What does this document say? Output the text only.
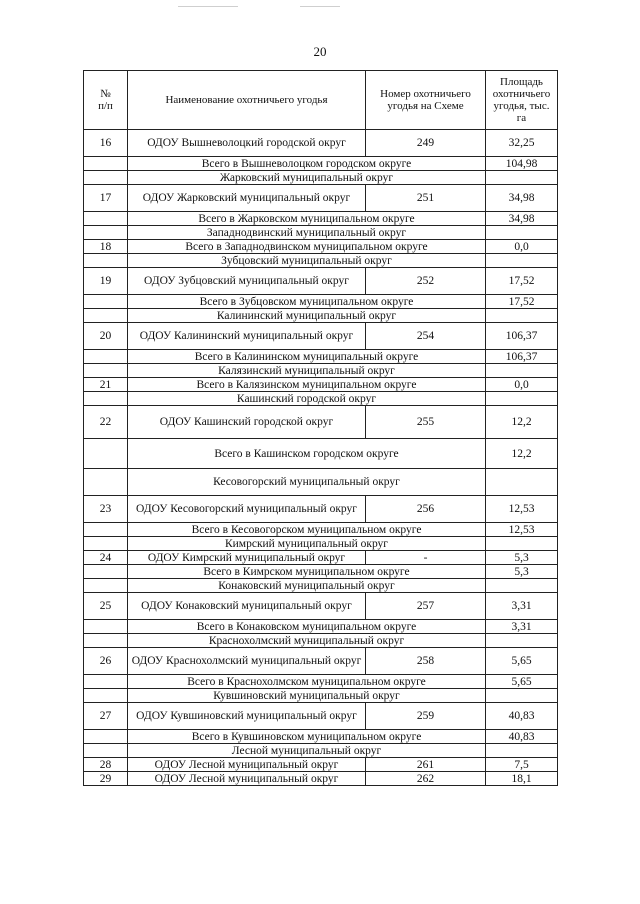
20
№
п/п	Наименование охотничьего угодья	Номер охотничьего угодья на Схеме	Площадь охотничьего угодья, тыс. га
16	ОДОУ Вышневолоцкий городской округ	249	32,25
	Всего в Вышневолоцком городском округе		104,98
	Жарковский муниципальный округ		
17	ОДОУ Жарковский муниципальный округ	251	34,98
	Всего в Жарковском муниципальном округе		34,98
	Западнодвинский муниципальный округ		
18	Всего в Западнодвинском муниципальном округе		0,0
	Зубцовский муниципальный округ		
19	ОДОУ Зубцовский муниципальный округ	252	17,52
	Всего в Зубцовском муниципальном округе		17,52
	Калининский муниципальный округ		
20	ОДОУ Калининский муниципальный округ	254	106,37
	Всего в Калининском муниципальный округе		106,37
	Калязинский муниципальный округ		
21	Всего в Калязинском муниципальном округе		0,0
	Кашинский городской округ		
22	ОДОУ Кашинский городской округ	255	12,2
	Всего в Кашинском городском округе		12,2
	Кесовогорский муниципальный округ		
23	ОДОУ Кесовогорский муниципальный округ	256	12,53
	Всего в Кесовогорском муниципальном округе		12,53
	Кимрский муниципальный округ		
24	ОДОУ Кимрский муниципальный округ	-	5,3
	Всего в Кимрском муниципальном округе		5,3
	Конаковский муниципальный округ		
25	ОДОУ Конаковский муниципальный округ	257	3,31
	Всего в Конаковском муниципальном округе		3,31
	Краснохолмский муниципальный округ		
26	ОДОУ Краснохолмский муниципальный округ	258	5,65
	Всего в Краснохолмском муниципальном округе		5,65
	Кувшиновский муниципальный округ		
27	ОДОУ Кувшиновский муниципальный округ	259	40,83
	Всего в Кувшиновском муниципальном округе		40,83
	Лесной муниципальный округ		
28	ОДОУ Лесной муниципальный округ	261	7,5
29	ОДОУ Лесной муниципальный округ	262	18,1
